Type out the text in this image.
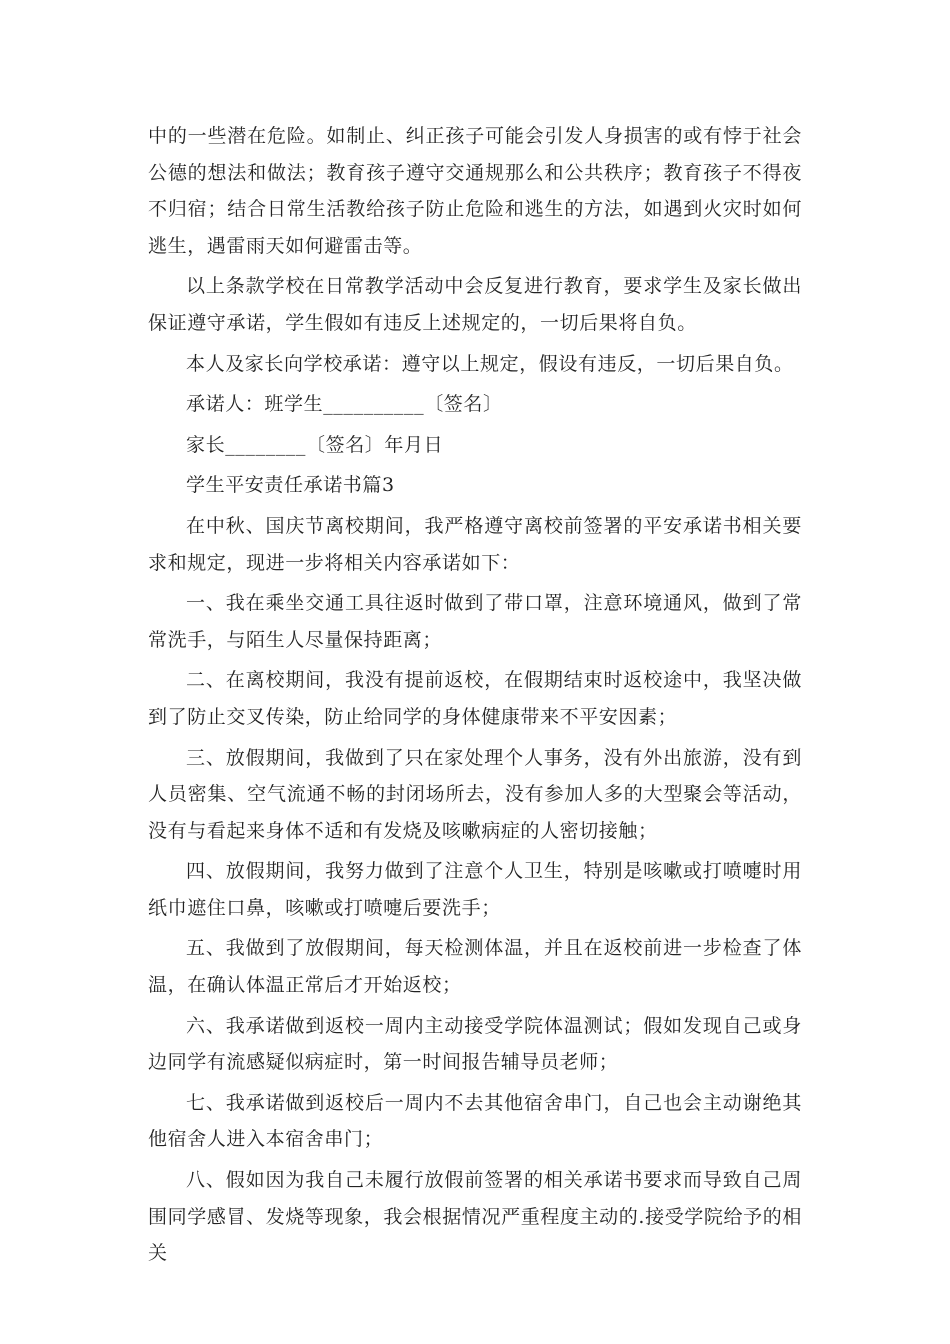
中的一些潜在危险。如制止、纠正孩子可能会引发人身损害的或有悖于社会公德的想法和做法；教育孩子遵守交通规那么和公共秩序；教育孩子不得夜不归宿；结合日常生活教给孩子防止危险和逃生的方法，如遇到火灾时如何逃生，遇雷雨天如何避雷击等。

以上条款学校在日常教学活动中会反复进行教育，要求学生及家长做出保证遵守承诺，学生假如有违反上述规定的，一切后果将自负。

本人及家长向学校承诺：遵守以上规定，假设有违反，一切后果自负。

承诺人：班学生__________〔签名〕

家长________〔签名〕年月日

学生平安责任承诺书篇3

在中秋、国庆节离校期间，我严格遵守离校前签署的平安承诺书相关要求和规定，现进一步将相关内容承诺如下：

一、我在乘坐交通工具往返时做到了带口罩，注意环境通风，做到了常常洗手，与陌生人尽量保持距离；

二、在离校期间，我没有提前返校，在假期结束时返校途中，我坚决做到了防止交叉传染，防止给同学的身体健康带来不平安因素；

三、放假期间，我做到了只在家处理个人事务，没有外出旅游，没有到人员密集、空气流通不畅的封闭场所去，没有参加人多的大型聚会等活动，没有与看起来身体不适和有发烧及咳嗽病症的人密切接触；

四、放假期间，我努力做到了注意个人卫生，特别是咳嗽或打喷嚏时用纸巾遮住口鼻，咳嗽或打喷嚏后要洗手；

五、我做到了放假期间，每天检测体温，并且在返校前进一步检查了体温，在确认体温正常后才开始返校；

六、我承诺做到返校一周内主动接受学院体温测试；假如发现自己或身边同学有流感疑似病症时，第一时间报告辅导员老师；

七、我承诺做到返校后一周内不去其他宿舍串门，自己也会主动谢绝其他宿舍人进入本宿舍串门；

八、假如因为我自己未履行放假前签署的相关承诺书要求而导致自己周围同学感冒、发烧等现象，我会根据情况严重程度主动的.接受学院给予的相关
